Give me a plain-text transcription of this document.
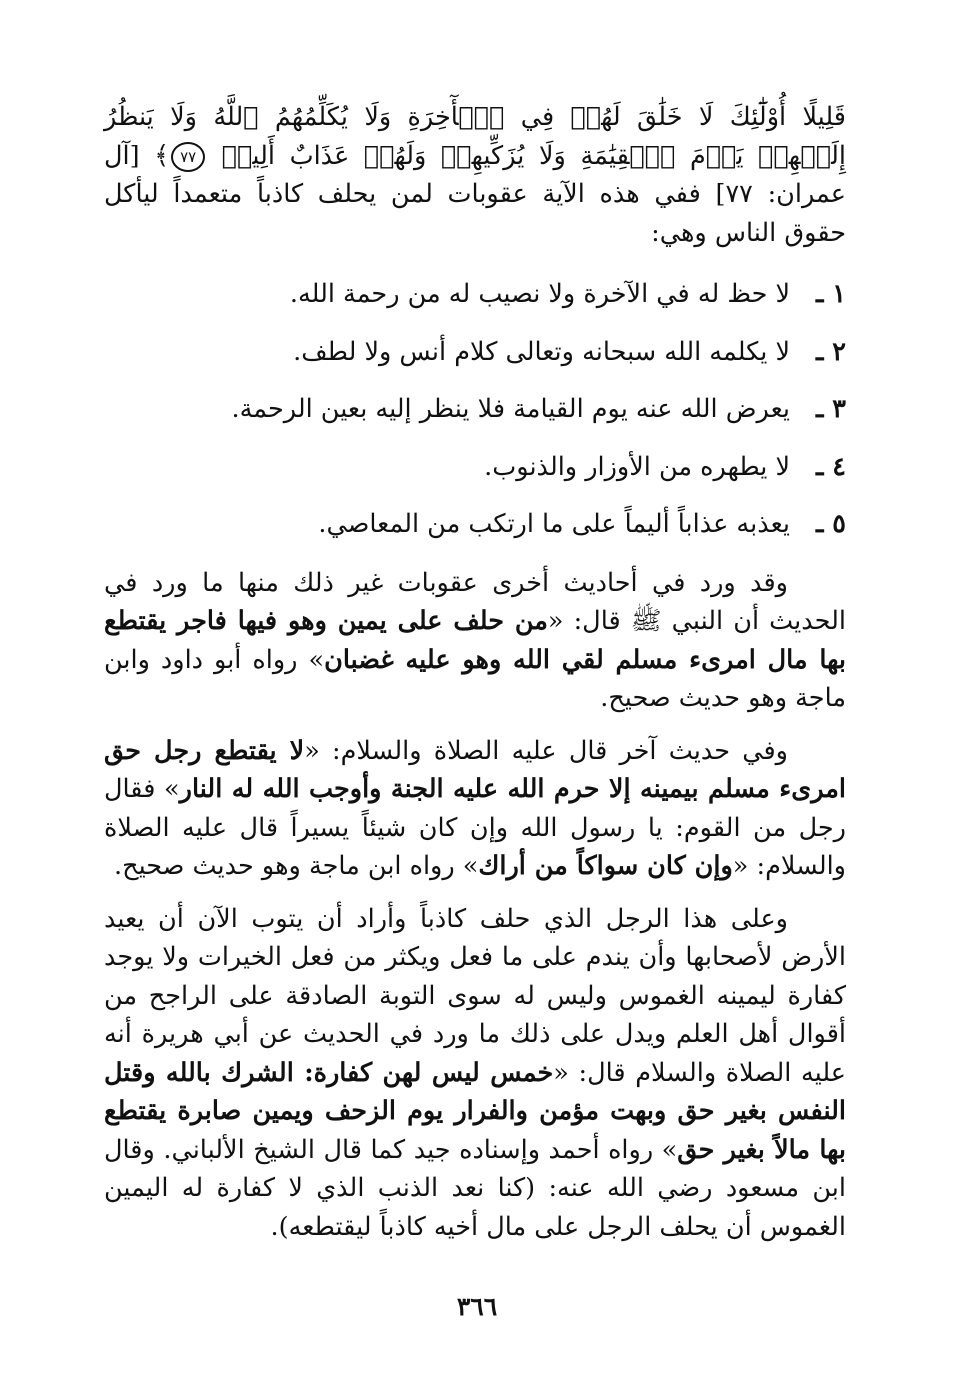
قَلِيلًا أُوْلَٰٓئِكَ لَا خَلَٰقَ لَهُمۡ فِي ٱلۡأٓخِرَةِ وَلَا يُكَلِّمُهُمُ ٱللَّهُ وَلَا يَنظُرُ إِلَيۡهِمۡ يَوۡمَ ٱلۡقِيَٰمَةِ وَلَا يُزَكِّيهِمۡ وَلَهُمۡ عَذَابٌ أَلِيمٞ ٧٧﴾ [آل عمران: ٧٧] ففي هذه الآية عقوبات لمن يحلف كاذباً متعمداً ليأكل حقوق الناس وهي:

١ ـ
لا حظ له في الآخرة ولا نصيب له من رحمة الله.
٢ ـ
لا يكلمه الله سبحانه وتعالى كلام أنس ولا لطف.
٣ ـ
يعرض الله عنه يوم القيامة فلا ينظر إليه بعين الرحمة.
٤ ـ
لا يطهره من الأوزار والذنوب.
٥ ـ
يعذبه عذاباً أليماً على ما ارتكب من المعاصي.

وقد ورد في أحاديث أخرى عقوبات غير ذلك منها ما ورد في الحديث أن النبي ﷺ قال: «من حلف على يمين وهو فيها فاجر يقتطع بها مال امرىء مسلم لقي الله وهو عليه غضبان» رواه أبو داود وابن ماجة وهو حديث صحيح.

وفي حديث آخر قال عليه الصلاة والسلام: «لا يقتطع رجل حق امرىء مسلم بيمينه إلا حرم الله عليه الجنة وأوجب الله له النار» فقال رجل من القوم: يا رسول الله وإن كان شيئاً يسيراً قال عليه الصلاة والسلام: «وإن كان سواكاً من أراك» رواه ابن ماجة وهو حديث صحيح.

وعلى هذا الرجل الذي حلف كاذباً وأراد أن يتوب الآن أن يعيد الأرض لأصحابها وأن يندم على ما فعل ويكثر من فعل الخيرات ولا يوجد كفارة ليمينه الغموس وليس له سوى التوبة الصادقة على الراجح من أقوال أهل العلم ويدل على ذلك ما ورد في الحديث عن أبي هريرة أنه عليه الصلاة والسلام قال: «خمس ليس لهن كفارة: الشرك بالله وقتل النفس بغير حق وبهت مؤمن والفرار يوم الزحف ويمين صابرة يقتطع بها مالاً بغير حق» رواه أحمد وإسناده جيد كما قال الشيخ الألباني. وقال ابن مسعود رضي الله عنه: (كنا نعد الذنب الذي لا كفارة له اليمين الغموس أن يحلف الرجل على مال أخيه كاذباً ليقتطعه).

٣٦٦
